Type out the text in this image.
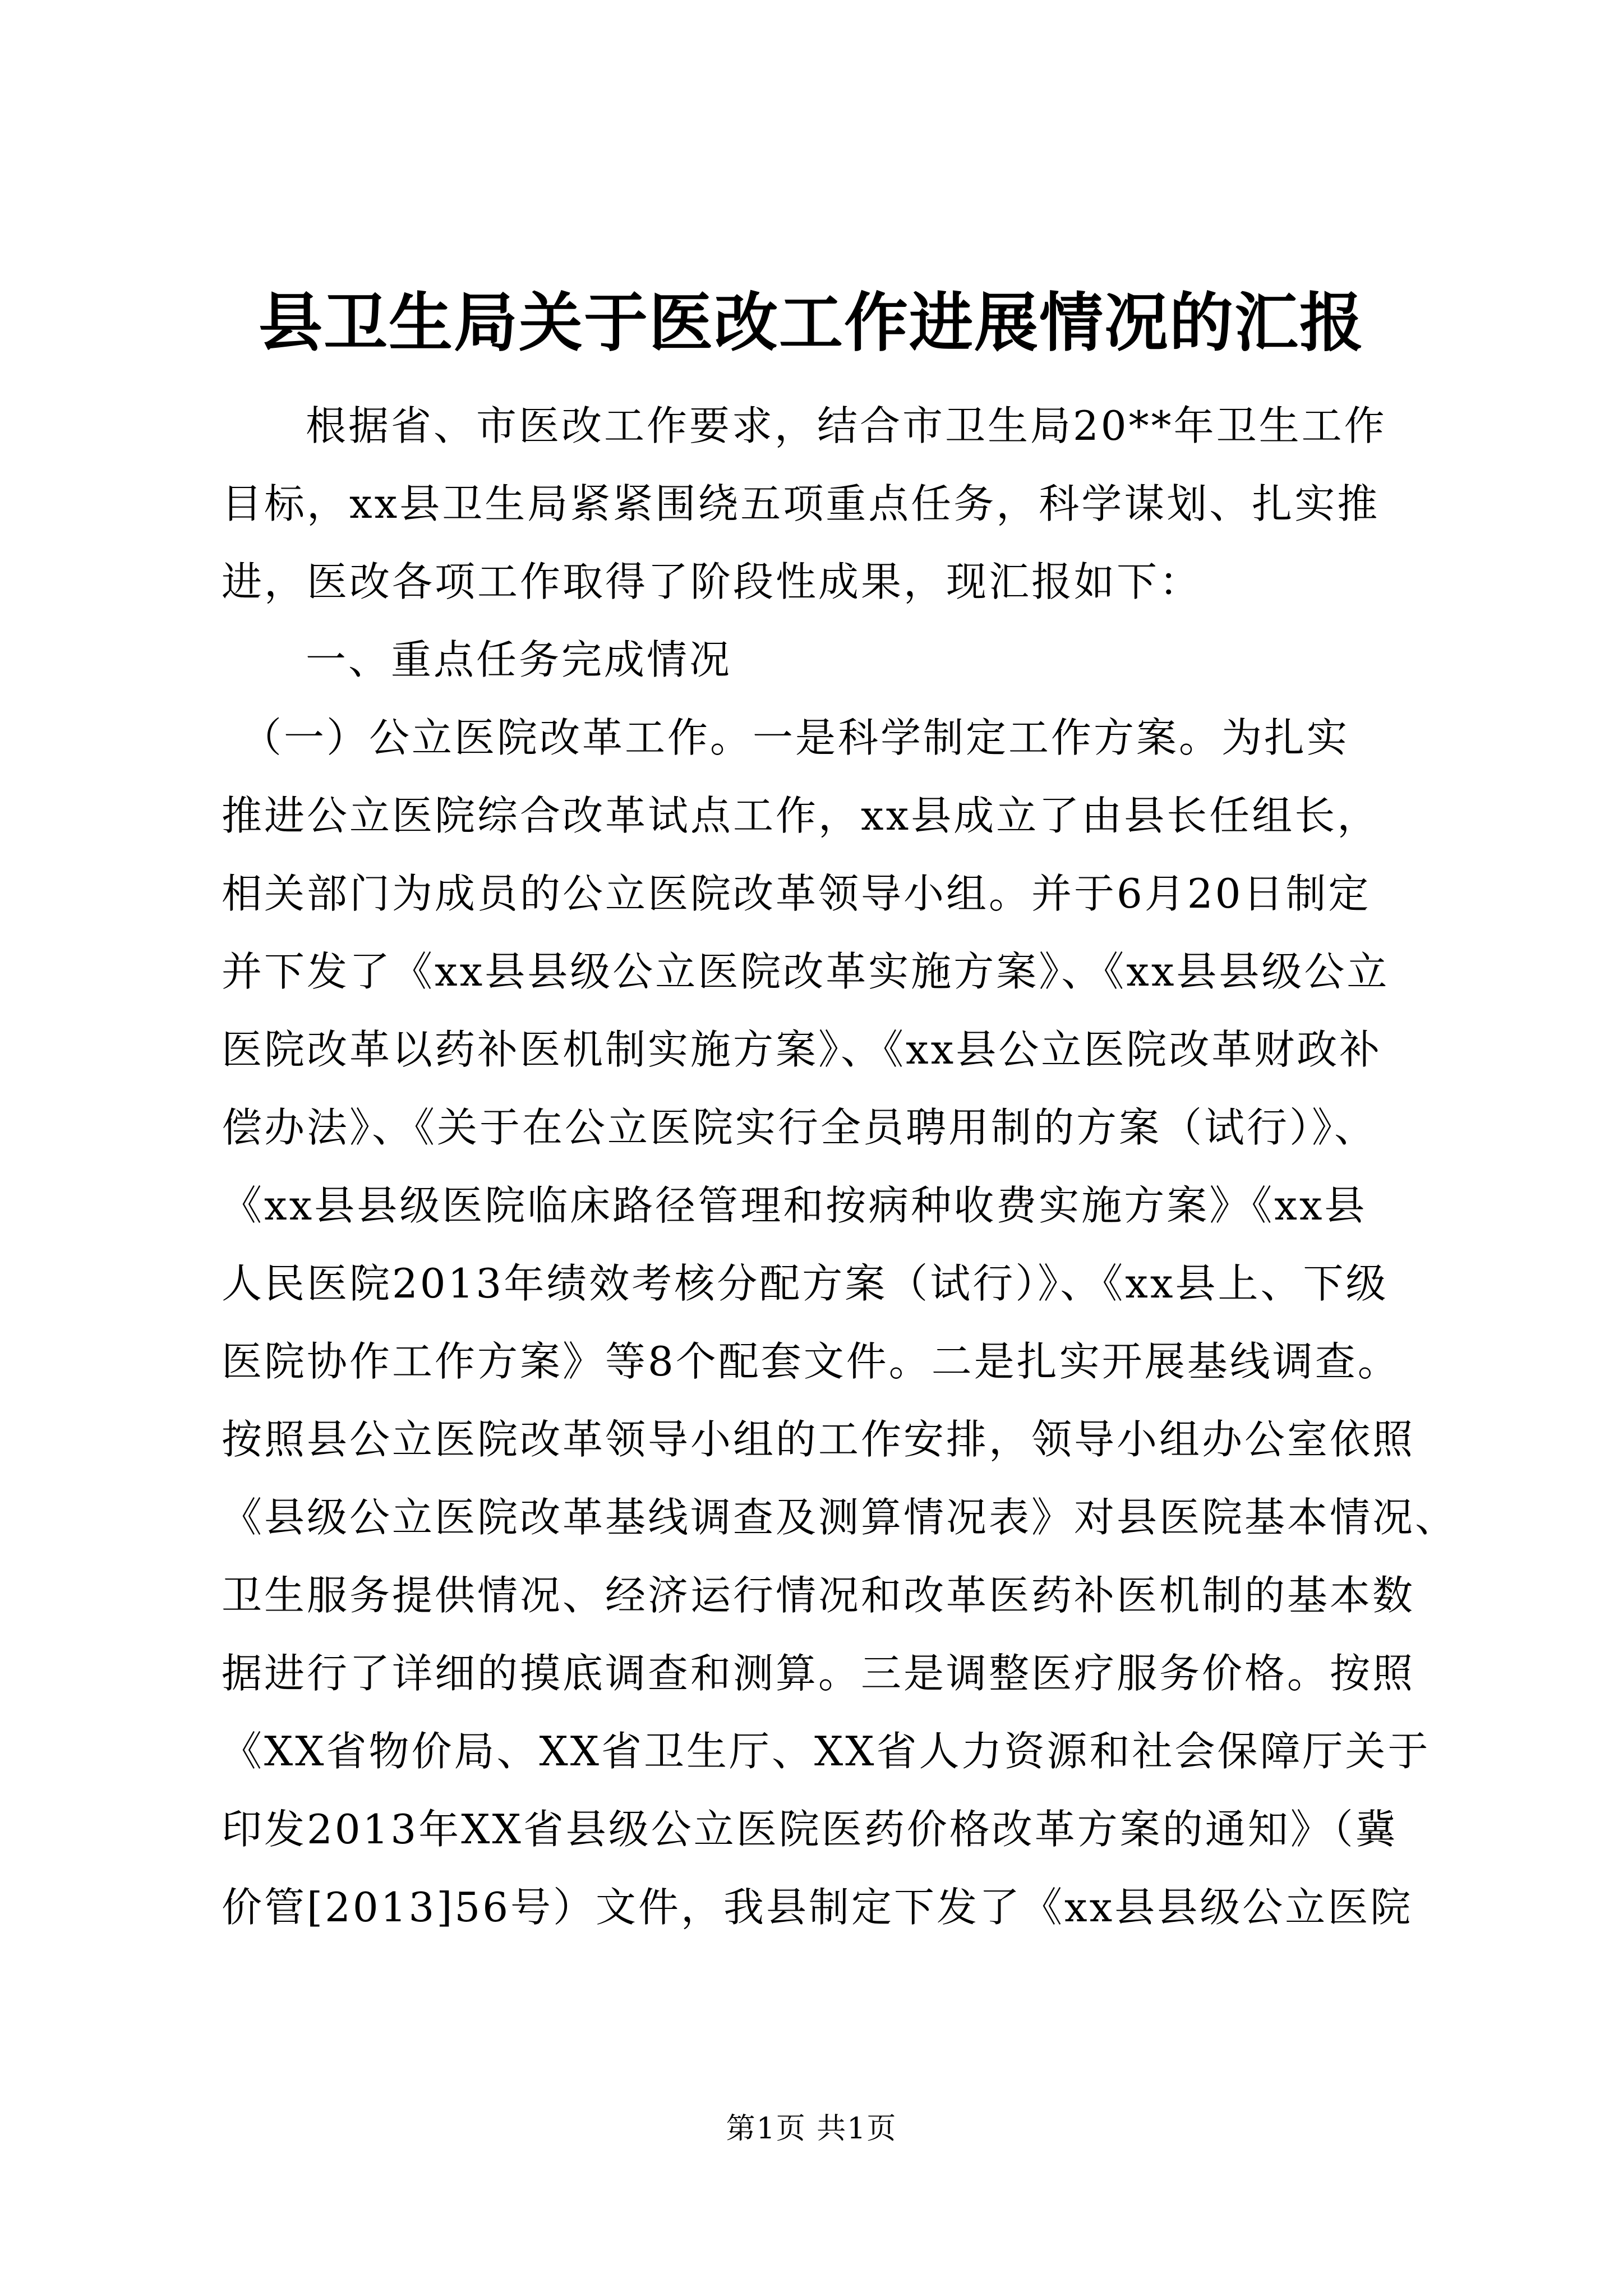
县卫生局关于医改工作进展情况的汇报
根据省、市医改工作要求，结合市卫生局20**年卫生工作
目标，xx县卫生局紧紧围绕五项重点任务，科学谋划、扎实推
进，医改各项工作取得了阶段性成果，现汇报如下：
一、重点任务完成情况
（一）公立医院改革工作。一是科学制定工作方案。为扎实
推进公立医院综合改革试点工作，xx县成立了由县长任组长，
相关部门为成员的公立医院改革领导小组。并于6月20日制定
并下发了《xx县县级公立医院改革实施方案》、《xx县县级公立
医院改革以药补医机制实施方案》、《xx县公立医院改革财政补
偿办法》、《关于在公立医院实行全员聘用制的方案（试行）》、
《xx县县级医院临床路径管理和按病种收费实施方案》《xx县
人民医院2013年绩效考核分配方案（试行）》、《xx县上、下级
医院协作工作方案》等8个配套文件。二是扎实开展基线调查。
按照县公立医院改革领导小组的工作安排，领导小组办公室依照
《县级公立医院改革基线调查及测算情况表》对县医院基本情况、
卫生服务提供情况、经济运行情况和改革医药补医机制的基本数
据进行了详细的摸底调查和测算。三是调整医疗服务价格。按照
《XX省物价局、XX省卫生厅、XX省人力资源和社会保障厅关于
印发2013年XX省县级公立医院医药价格改革方案的通知》（冀
价管[2013]56号）文件，我县制定下发了《xx县县级公立医院
第1页 共1页
